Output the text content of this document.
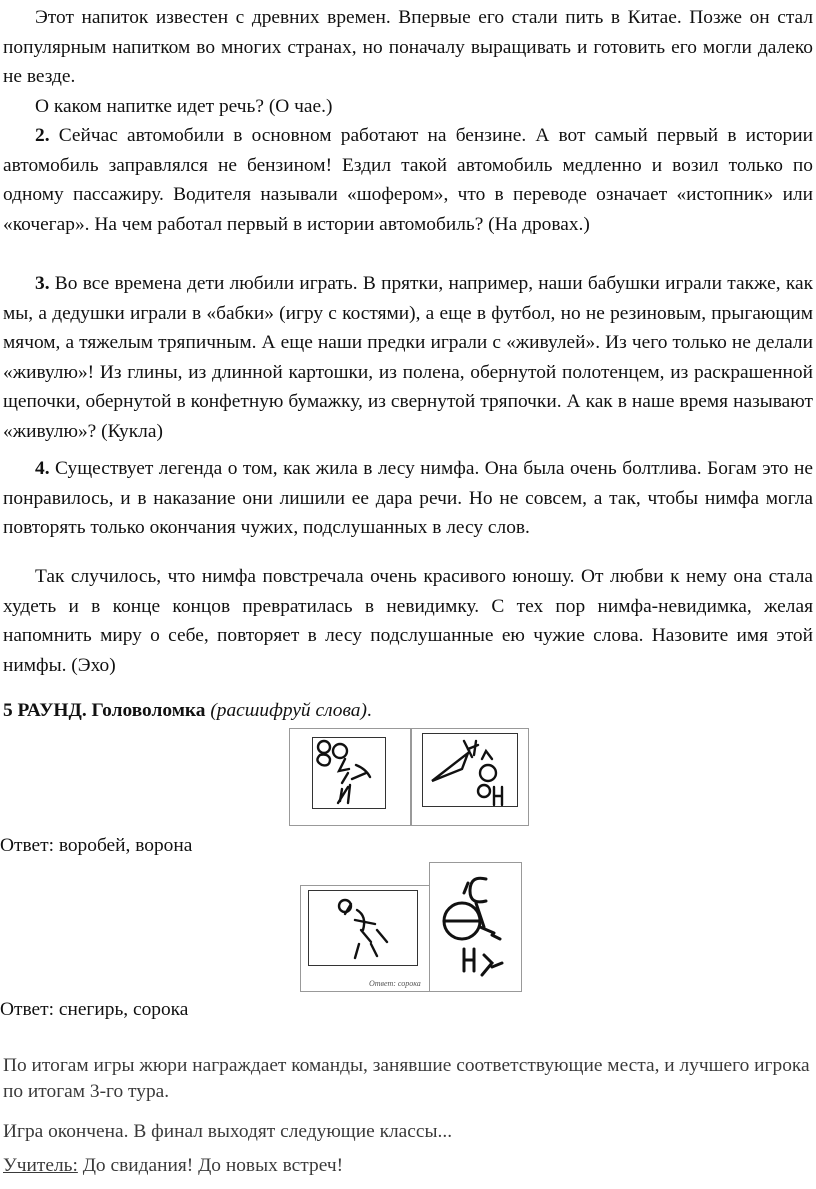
Этот напиток известен с древних времен. Впервые его стали пить в Китае. Позже он стал популярным напитком во многих странах, но поначалу выращивать и готовить его могли далеко не везде.

О каком напитке идет речь? (О чае.)

2. Сейчас автомобили в основном работают на бензине. А вот самый первый в истории автомобиль заправлялся не бензином! Ездил такой автомобиль медленно и возил только по одному пассажиру. Водителя называли «шофером», что в переводе означает «истопник» или «кочегар». На чем работал первый в истории автомобиль? (На дровах.)

3. Во все времена дети любили играть. В прятки, например, наши бабушки играли также, как мы, а дедушки играли в «бабки» (игру с костями), а еще в футбол, но не резиновым, прыгающим мячом, а тяжелым тряпичным. А еще наши предки играли с «живулей». Из чего только не делали «живулю»! Из глины, из длинной картошки, из полена, обернутой полотенцем, из раскрашенной щепочки, обернутой в конфетную бумажку, из свернутой тряпочки. А как в наше время называют «живулю»? (Кукла)

4. Существует легенда о том, как жила в лесу нимфа. Она была очень болтлива. Богам это не понравилось, и в наказание они лишили ее дара речи. Но не совсем, а так, чтобы нимфа могла повторять только окончания чужих, подслушанных в лесу слов.

Так случилось, что нимфа повстречала очень красивого юношу. От любви к нему она стала худеть и в конце концов превратилась в невидимку. С тех пор нимфа-невидимка, желая напомнить миру о себе, повторяет в лесу подслушанные ею чужие слова. Назовите имя этой нимфы. (Эхо)

5 РАУНД. Головоломка (расшифруй слова).
Ответ: воробей, ворона
Ответ: сорока
Ответ: снегирь, сорока

По итогам игры жюри награждает команды, занявшие соответствующие места, и лучшего игрока по итогам 3-го тура.

Игра окончена. В финал выходят следующие классы...

Учитель: До свидания! До новых встреч!
